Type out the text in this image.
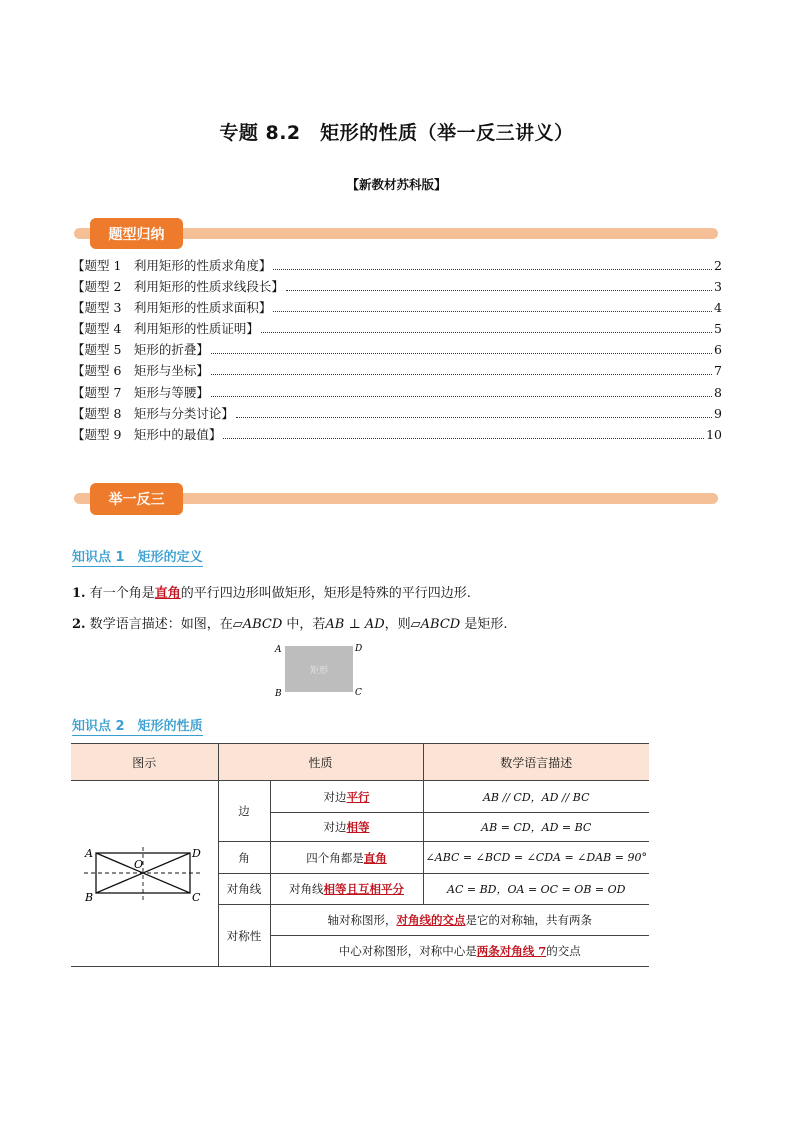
专题 8.2　矩形的性质（举一反三讲义）
【新教材苏科版】
题型归纳
【题型 1　利用矩形的性质求角度】	2
【题型 2　利用矩形的性质求线段长】	3
【题型 3　利用矩形的性质求面积】	4
【题型 4　利用矩形的性质证明】	5
【题型 5　矩形的折叠】	6
【题型 6　矩形与坐标】	7
【题型 7　矩形与等腰】	8
【题型 8　矩形与分类讨论】	9
【题型 9　矩形中的最值】	10
举一反三
知识点 1　矩形的定义
1. 有一个角是直角的平行四边形叫做矩形，矩形是特殊的平行四边形.
2. 数学语言描述：如图，在▱ABCD 中，若AB ⊥ AD，则▱ABCD 是矩形.
矩形
A	D
B	C
知识点 2　矩形的性质
图示	性质		数学语言描述

A D
B C
O	边	对边平行	AB // CD，AD // BC
		对边相等	AB = CD，AD = BC
	角	四个角都是直角	∠ABC = ∠BCD = ∠CDA = ∠DAB = 90°
	对角线	对角线相等且互相平分	AC = BD，OA = OC = OB = OD
	对称性	轴对称图形，对角线的交点是它的对称轴，共有两条	
		中心对称图形，对称中心是两条对角线 7的交点	
